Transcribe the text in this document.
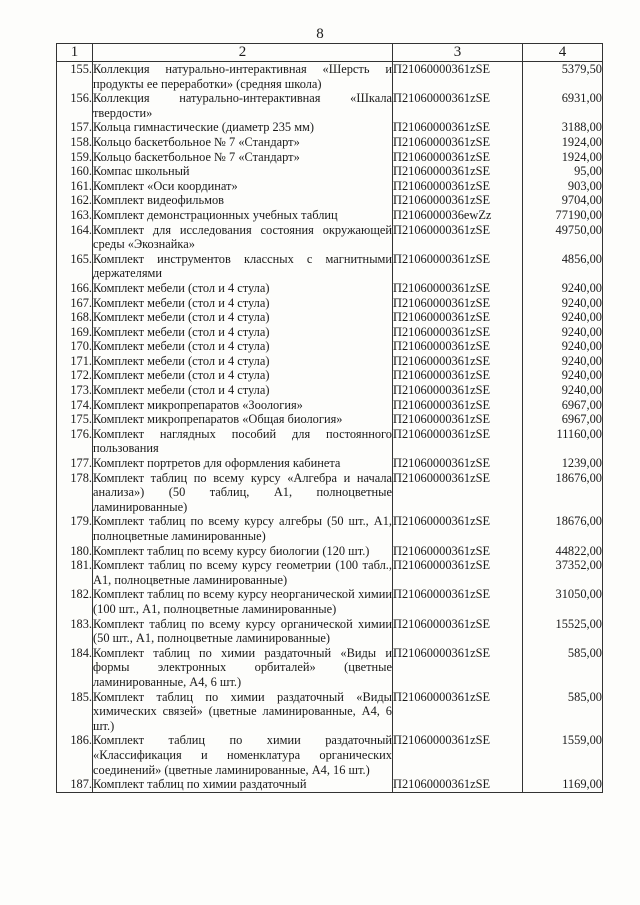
8
1	2	3	4
155.	Коллекция натурально-интерактивная «Шерсть и продукты ее переработки» (средняя школа)	П21060000361zSE	5379,50
156.	Коллекция натурально-интерактивная «Шкала твердости»	П21060000361zSE	6931,00
157.	Кольца гимнастические (диаметр 235 мм)	П21060000361zSE	3188,00
158.	Кольцо баскетбольное № 7 «Стандарт»	П21060000361zSE	1924,00
159.	Кольцо баскетбольное № 7 «Стандарт»	П21060000361zSE	1924,00
160.	Компас школьный	П21060000361zSE	95,00
161.	Комплект «Оси координат»	П21060000361zSE	903,00
162.	Комплект видеофильмов	П21060000361zSE	9704,00
163.	Комплект демонстрационных учебных таблиц	П2106000036ewZz	77190,00
164.	Комплект для исследования состояния окружающей среды «Экознайка»	П21060000361zSE	49750,00
165.	Комплект инструментов классных с магнитными держателями	П21060000361zSE	4856,00
166.	Комплект мебели (стол и 4 стула)	П21060000361zSE	9240,00
167.	Комплект мебели (стол и 4 стула)	П21060000361zSE	9240,00
168.	Комплект мебели (стол и 4 стула)	П21060000361zSE	9240,00
169.	Комплект мебели (стол и 4 стула)	П21060000361zSE	9240,00
170.	Комплект мебели (стол и 4 стула)	П21060000361zSE	9240,00
171.	Комплект мебели (стол и 4 стула)	П21060000361zSE	9240,00
172.	Комплект мебели (стол и 4 стула)	П21060000361zSE	9240,00
173.	Комплект мебели (стол и 4 стула)	П21060000361zSE	9240,00
174.	Комплект микропрепаратов «Зоология»	П21060000361zSE	6967,00
175.	Комплект микропрепаратов «Общая биология»	П21060000361zSE	6967,00
176.	Комплект наглядных пособий для постоянного пользования	П21060000361zSE	11160,00
177.	Комплект портретов для оформления кабинета	П21060000361zSE	1239,00
178.	Комплект таблиц по всему курсу «Алгебра и начала анализа») (50 таблиц, А1, полноцветные ламинированные)	П21060000361zSE	18676,00
179.	Комплект таблиц по всему курсу алгебры (50 шт., А1, полноцветные ламинированные)	П21060000361zSE	18676,00
180.	Комплект таблиц по всему курсу биологии (120 шт.)	П21060000361zSE	44822,00
181.	Комплект таблиц по всему курсу геометрии (100 табл., А1, полноцветные ламинированные)	П21060000361zSE	37352,00
182.	Комплект таблиц по всему курсу неорганической химии (100 шт., А1, полноцветные ламинированные)	П21060000361zSE	31050,00
183.	Комплект таблиц по всему курсу органической химии (50 шт., А1, полноцветные ламинированные)	П21060000361zSE	15525,00
184.	Комплект таблиц по химии раздаточный «Виды и формы электронных орбиталей» (цветные ламинированные, А4, 6 шт.)	П21060000361zSE	585,00
185.	Комплект таблиц по химии раздаточный «Виды химических связей» (цветные ламинированные, А4, 6 шт.)	П21060000361zSE	585,00
186.	Комплект таблиц по химии раздаточный «Классификация и номенклатура органических соединений» (цветные ламинированные, А4, 16 шт.)	П21060000361zSE	1559,00
187.	Комплект таблиц по химии раздаточный	П21060000361zSE	1169,00
